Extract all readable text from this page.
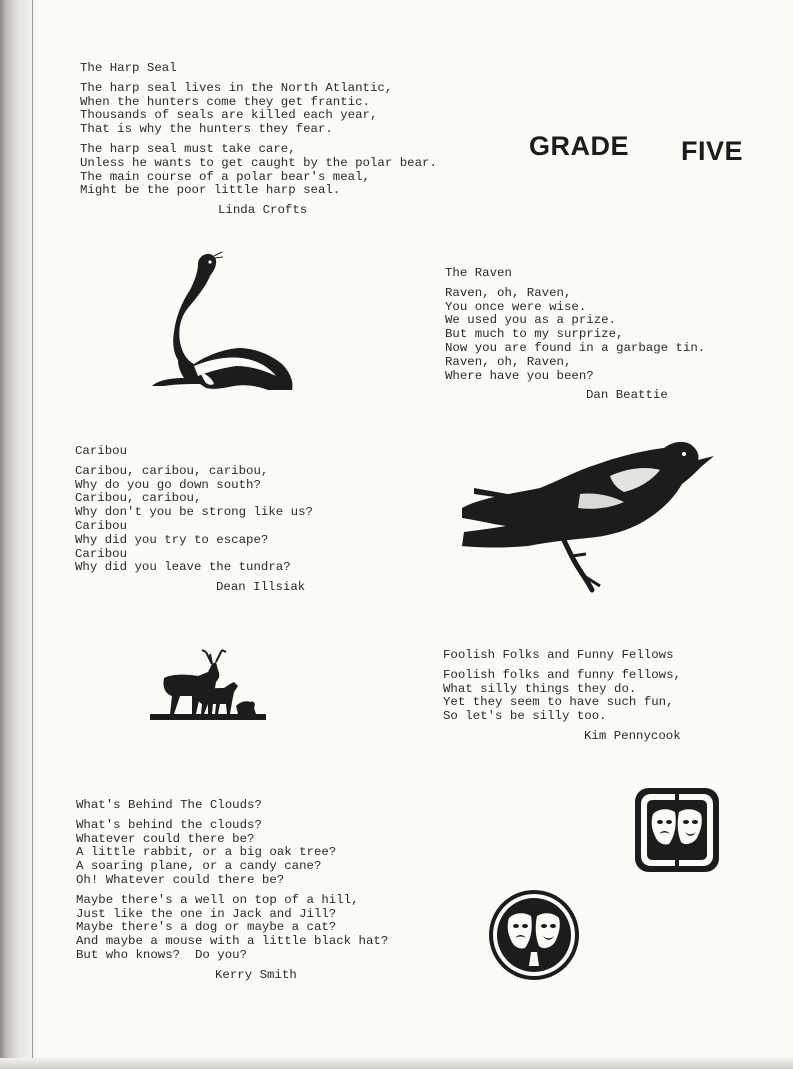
GRADE FIVE
The Harp Seal
The harp seal lives in the North Atlantic,
When the hunters come they get frantic.
Thousands of seals are killed each year,
That is why the hunters they fear.
The harp seal must take care,
Unless he wants to get caught by the polar bear.
The main course of a polar bear's meal,
Might be the poor little harp seal.
Linda Crofts
The Raven
Raven, oh, Raven,
You once were wise.
We used you as a prize.
But much to my surprize,
Now you are found in a garbage tin.
Raven, oh, Raven,
Where have you been?
Dan Beattie
Caribou
Caribou, caribou, caribou,
Why do you go down south?
Caribou, caribou,
Why don't you be strong like us?
Caribou
Why did you try to escape?
Caribou
Why did you leave the tundra?
Dean Illsiak
Foolish Folks and Funny Fellows
Foolish folks and funny fellows,
What silly things they do.
Yet they seem to have such fun,
So let's be silly too.
Kim Pennycook
What's Behind The Clouds?
What's behind the clouds?
Whatever could there be?
A little rabbit, or a big oak tree?
A soaring plane, or a candy cane?
Oh! Whatever could there be?
Maybe there's a well on top of a hill,
Just like the one in Jack and Jill?
Maybe there's a dog or maybe a cat?
And maybe a mouse with a little black hat?
But who knows?  Do you?
Kerry Smith
